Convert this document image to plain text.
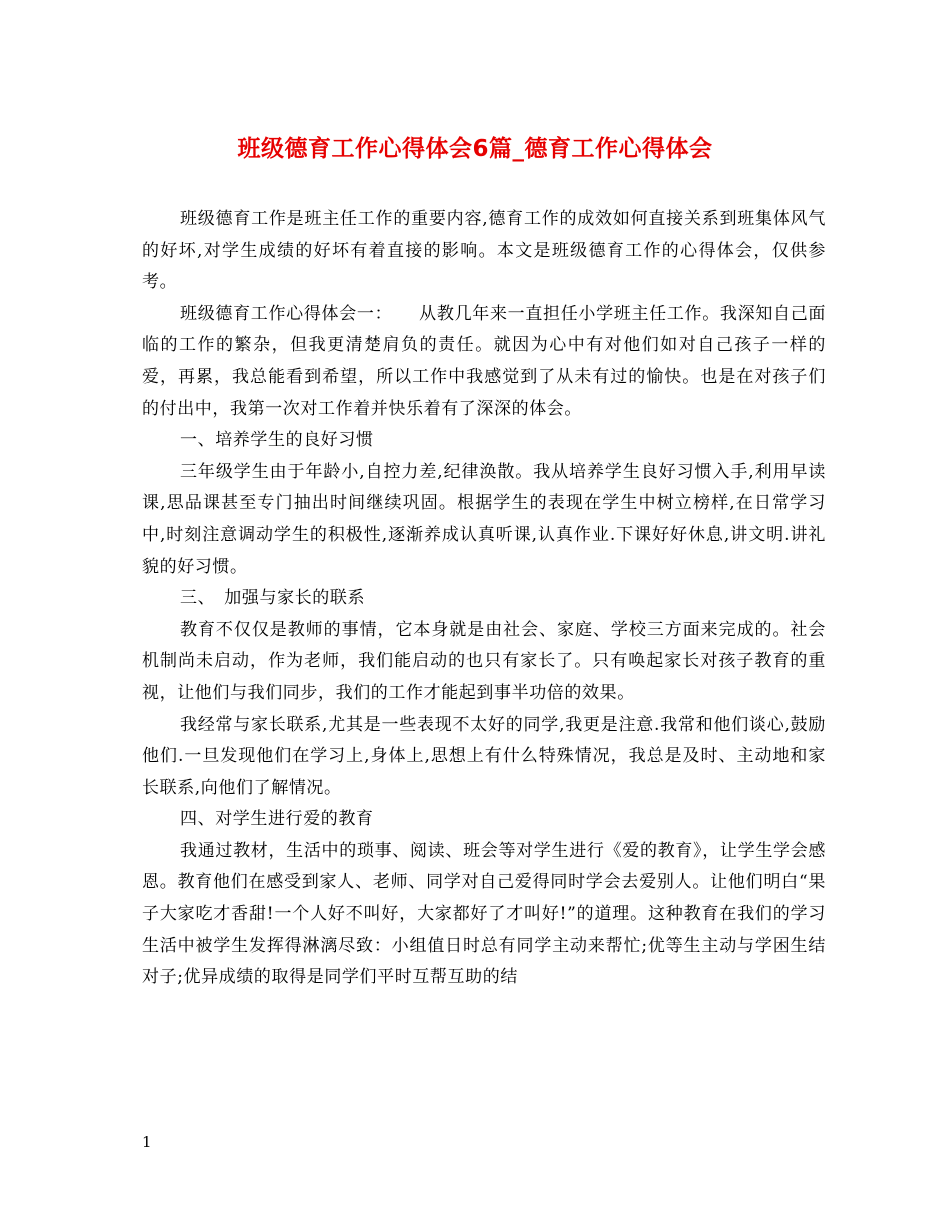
班级德育工作心得体会6篇_德育工作心得体会

班级德育工作是班主任工作的重要内容,德育工作的成效如何直接关系到班集体风气的好坏,对学生成绩的好坏有着直接的影响。本文是班级德育工作的心得体会，仅供参考。

班级德育工作心得体会一：　　从教几年来一直担任小学班主任工作。我深知自己面临的工作的繁杂，但我更清楚肩负的责任。就因为心中有对他们如对自己孩子一样的爱，再累，我总能看到希望，所以工作中我感觉到了从未有过的愉快。也是在对孩子们的付出中，我第一次对工作着并快乐着有了深深的体会。

一、培养学生的良好习惯

三年级学生由于年龄小,自控力差,纪律涣散。我从培养学生良好习惯入手,利用早读课,思品课甚至专门抽出时间继续巩固。根据学生的表现在学生中树立榜样,在日常学习中,时刻注意调动学生的积极性,逐渐养成认真听课,认真作业.下课好好休息,讲文明.讲礼貌的好习惯。

三、　加强与家长的联系

教育不仅仅是教师的事情，它本身就是由社会、家庭、学校三方面来完成的。社会机制尚未启动，作为老师，我们能启动的也只有家长了。只有唤起家长对孩子教育的重视，让他们与我们同步，我们的工作才能起到事半功倍的效果。

我经常与家长联系,尤其是一些表现不太好的同学,我更是注意.我常和他们谈心,鼓励他们.一旦发现他们在学习上,身体上,思想上有什么特殊情况，我总是及时、主动地和家长联系,向他们了解情况。

四、对学生进行爱的教育

我通过教材，生活中的琐事、阅读、班会等对学生进行《爱的教育》，让学生学会感恩。教育他们在感受到家人、老师、同学对自己爱得同时学会去爱别人。让他们明白“果子大家吃才香甜!一个人好不叫好，大家都好了才叫好!”的道理。这种教育在我们的学习生活中被学生发挥得淋漓尽致：小组值日时总有同学主动来帮忙;优等生主动与学困生结对子;优异成绩的取得是同学们平时互帮互助的结

1
